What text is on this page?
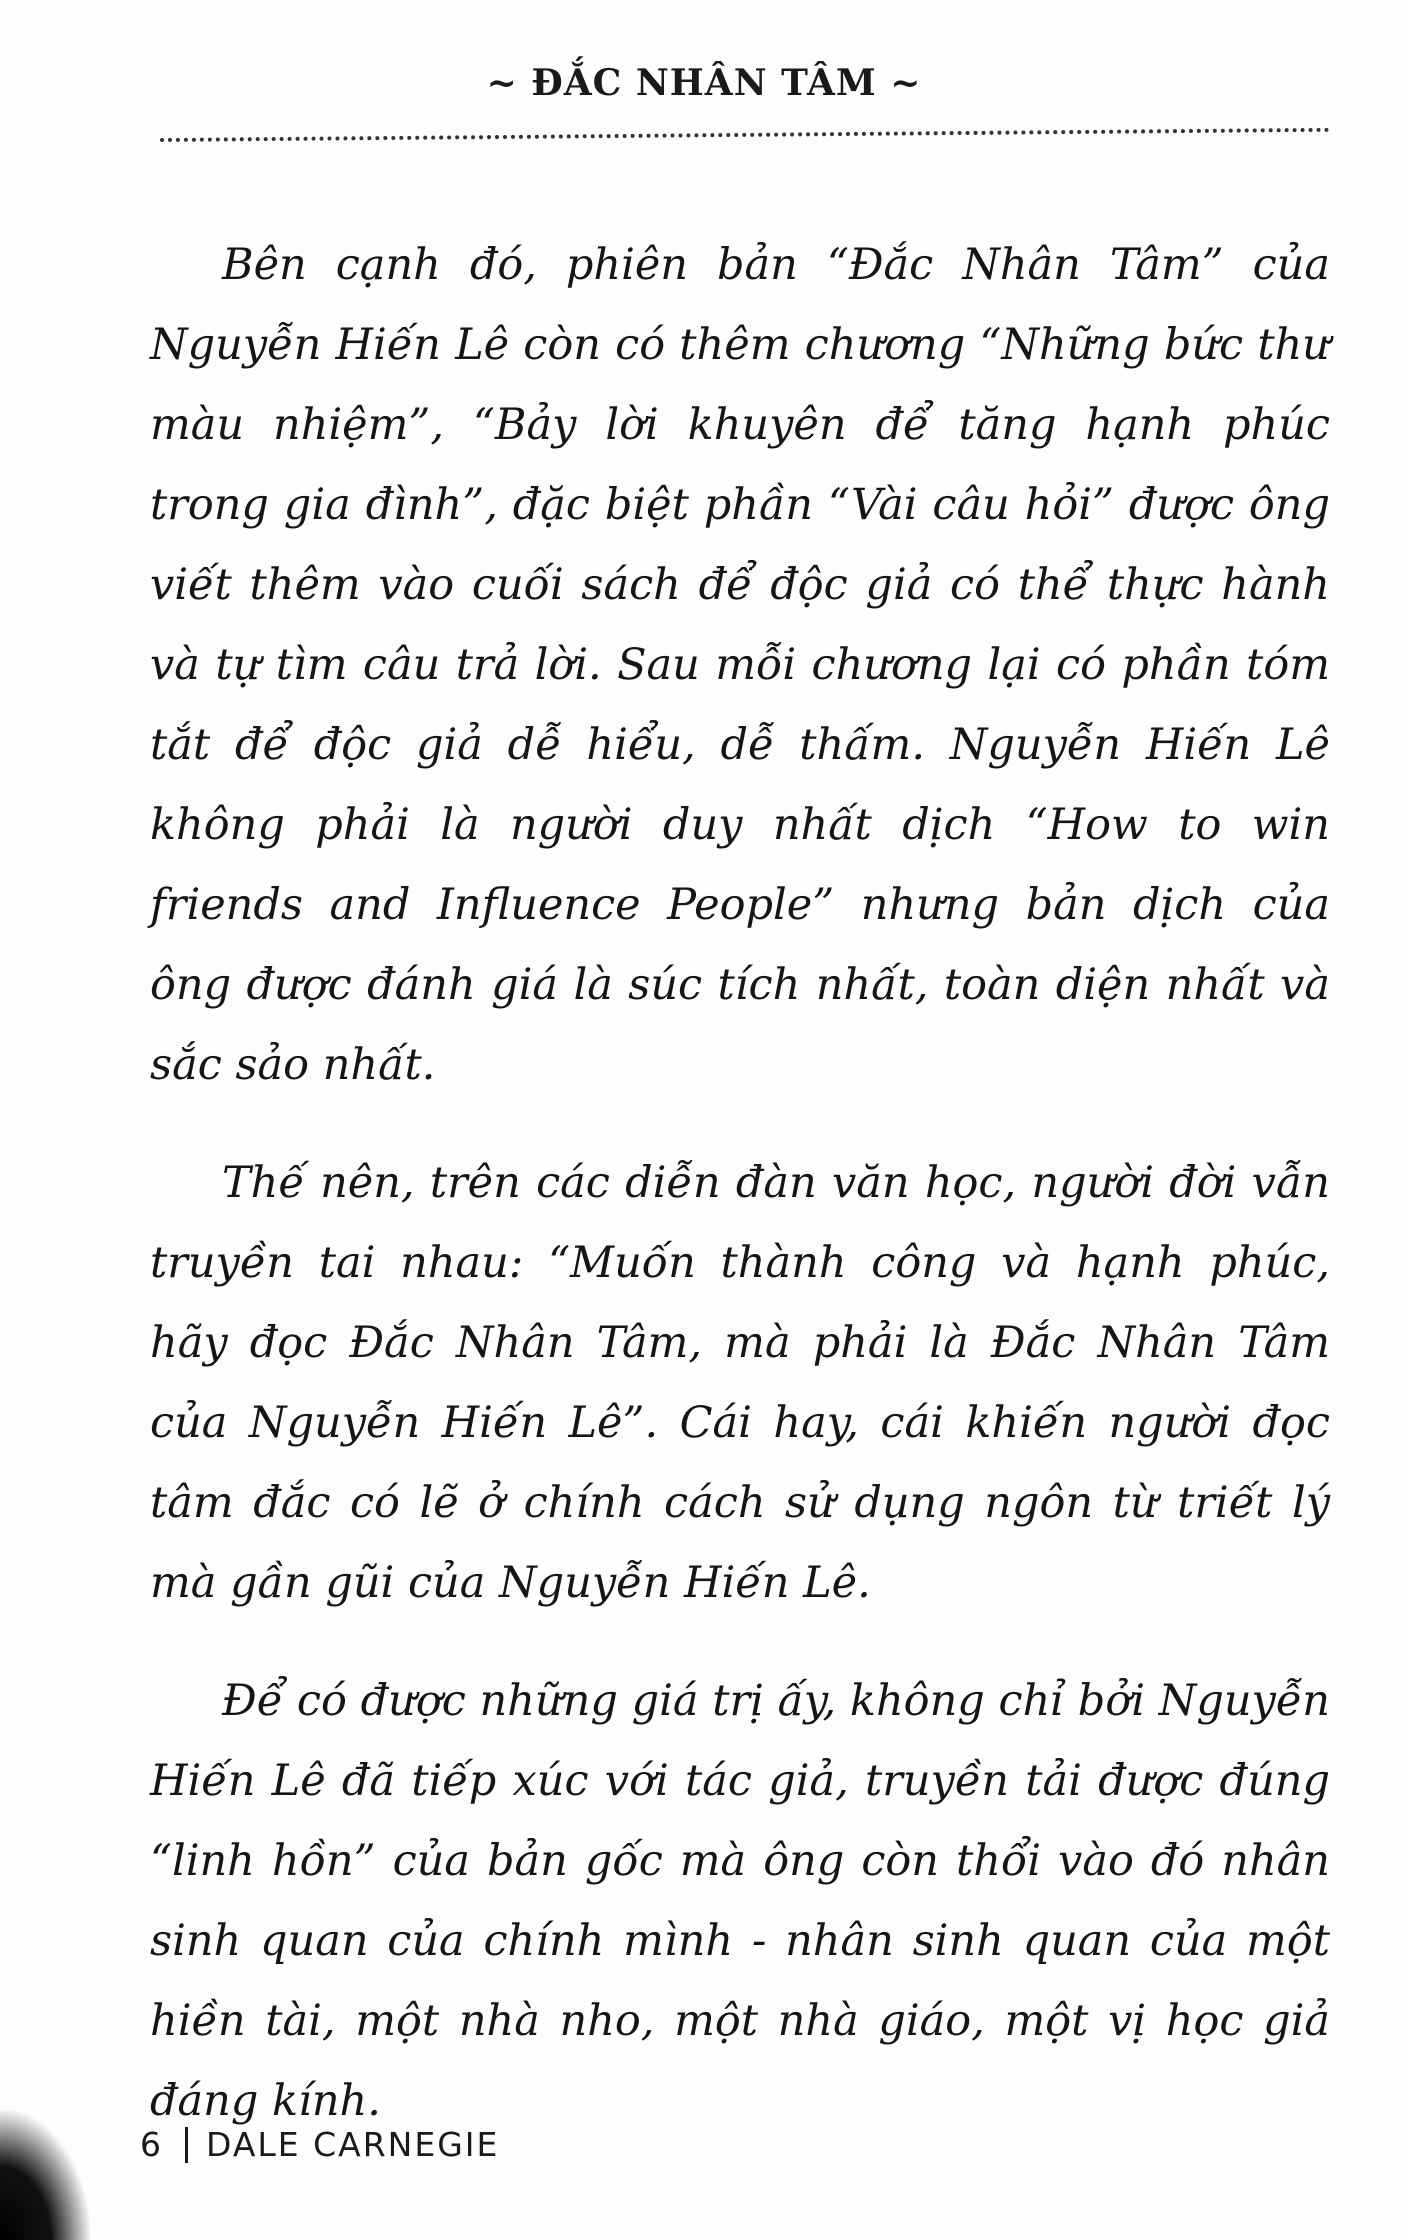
~ ĐẮC NHÂN TÂM ~

Bên cạnh đó, phiên bản “Đắc Nhân Tâm” của Nguyễn Hiến Lê còn có thêm chương “Những bức thư màu nhiệm”, “Bảy lời khuyên để tăng hạnh phúc trong gia đình”, đặc biệt phần “Vài câu hỏi” được ông viết thêm vào cuối sách để độc giả có thể thực hành và tự tìm câu trả lời. Sau mỗi chương lại có phần tóm tắt để độc giả dễ hiểu, dễ thấm. Nguyễn Hiến Lê không phải là người duy nhất dịch “How to win friends and Influence People” nhưng bản dịch của ông được đánh giá là súc tích nhất, toàn diện nhất và sắc sảo nhất.

Thế nên, trên các diễn đàn văn học, người đời vẫn truyền tai nhau: “Muốn thành công và hạnh phúc, hãy đọc Đắc Nhân Tâm, mà phải là Đắc Nhân Tâm của Nguyễn Hiến Lê”. Cái hay, cái khiến người đọc tâm đắc có lẽ ở chính cách sử dụng ngôn từ triết lý mà gần gũi của Nguyễn Hiến Lê.

Để có được những giá trị ấy, không chỉ bởi Nguyễn Hiến Lê đã tiếp xúc với tác giả, truyền tải được đúng “linh hồn” của bản gốc mà ông còn thổi vào đó nhân sinh quan của chính mình - nhân sinh quan của một hiền tài, một nhà nho, một nhà giáo, một vị học giả đáng kính.

6 DALE CARNEGIE
